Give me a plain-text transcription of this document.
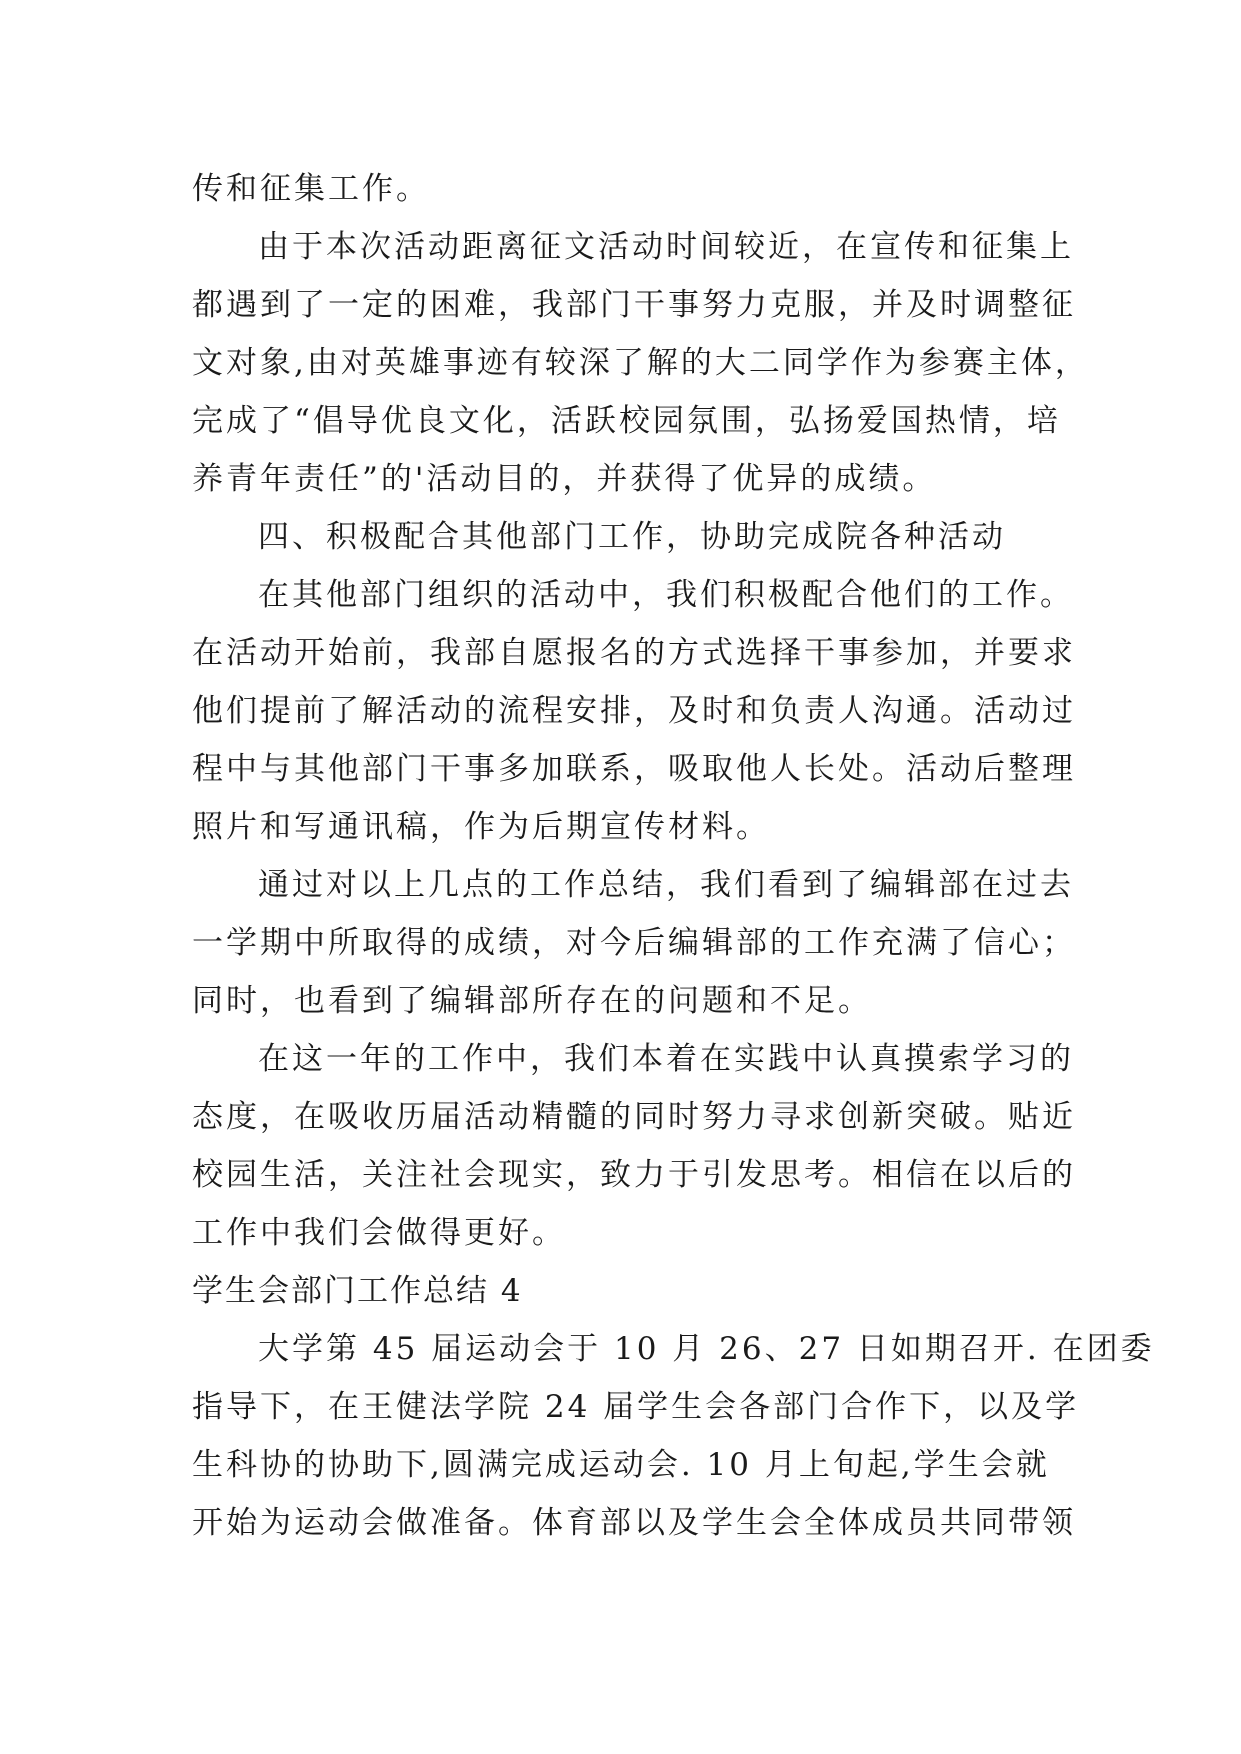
传和征集工作。
由于本次活动距离征文活动时间较近，在宣传和征集上
都遇到了一定的困难，我部门干事努力克服，并及时调整征
文对象,由对英雄事迹有较深了解的大二同学作为参赛主体，
完成了“倡导优良文化，活跃校园氛围，弘扬爱国热情，培
养青年责任”的'活动目的，并获得了优异的成绩。
四、积极配合其他部门工作，协助完成院各种活动
在其他部门组织的活动中，我们积极配合他们的工作。
在活动开始前，我部自愿报名的方式选择干事参加，并要求
他们提前了解活动的流程安排，及时和负责人沟通。活动过
程中与其他部门干事多加联系，吸取他人长处。活动后整理
照片和写通讯稿，作为后期宣传材料。
通过对以上几点的工作总结，我们看到了编辑部在过去
一学期中所取得的成绩，对今后编辑部的工作充满了信心；
同时，也看到了编辑部所存在的问题和不足。
在这一年的工作中，我们本着在实践中认真摸索学习的
态度，在吸收历届活动精髓的同时努力寻求创新突破。贴近
校园生活，关注社会现实，致力于引发思考。相信在以后的
工作中我们会做得更好。
学生会部门工作总结 4
大学第 45 届运动会于 10 月 26、27 日如期召开. 在团委
指导下，在王健法学院 24 届学生会各部门合作下，以及学
生科协的协助下,圆满完成运动会. 10 月上旬起,学生会就
开始为运动会做准备。体育部以及学生会全体成员共同带领
